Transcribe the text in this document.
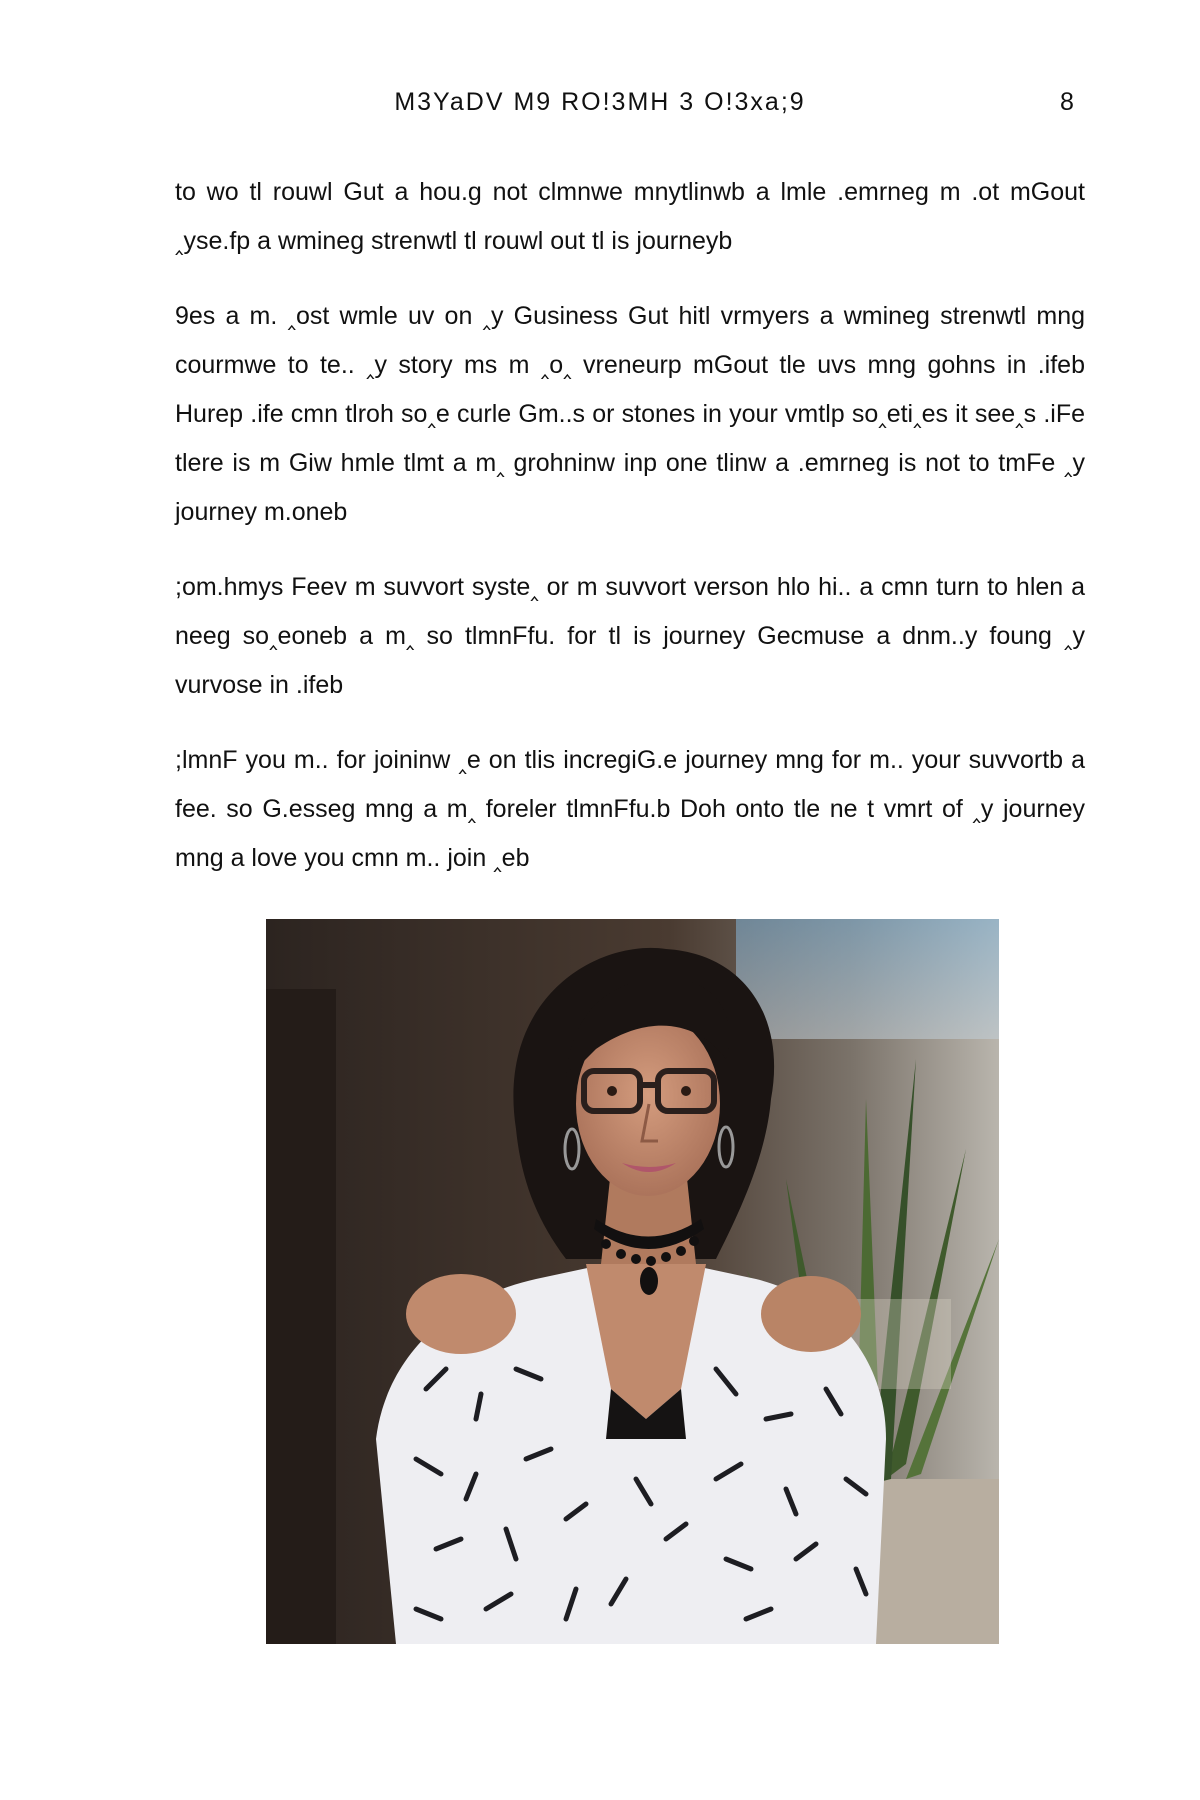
M3YaDV M9 RO!3MH 3 O!3xa;9	8

to wo tl rouwl Gut a hou.g not clmnwe mnytlinwb a lmle .emrneg m .ot mGout ‸yse.fp a wmineg strenwtl tl rouwl out tl is journeyb

9es a m. ‸ost wmle uv on ‸y Gusiness Gut hitl vrmyers a wmineg strenwtl mng courmwe to te.. ‸y story ms m ‸o‸ vreneurp mGout tle uvs mng gohns in .ifeb Hurep .ife cmn tlroh so‸e curle Gm..s or stones in your vmtlp so‸eti‸es it see‸s .iFe tlere is m Giw hmle tlmt a m‸ grohninw inp one tlinw a .emrneg is not to tmFe ‸y journey m.oneb

;om.hmys Feev m suvvort syste‸ or m suvvort verson hlo hi.. a cmn turn to hlen a neeg so‸eoneb a m‸ so tlmnFfu. for tl is journey Gecmuse a dnm..y foung ‸y vurvose in .ifeb

;lmnF you m.. for joininw ‸e on tlis incregiG.e journey mng for m.. your suvvortb a fee. so G.esseg mng a m‸ foreler tlmnFfu.b Doh onto tle ne t vmrt of ‸y journey mng a love you cmn m.. join ‸eb
